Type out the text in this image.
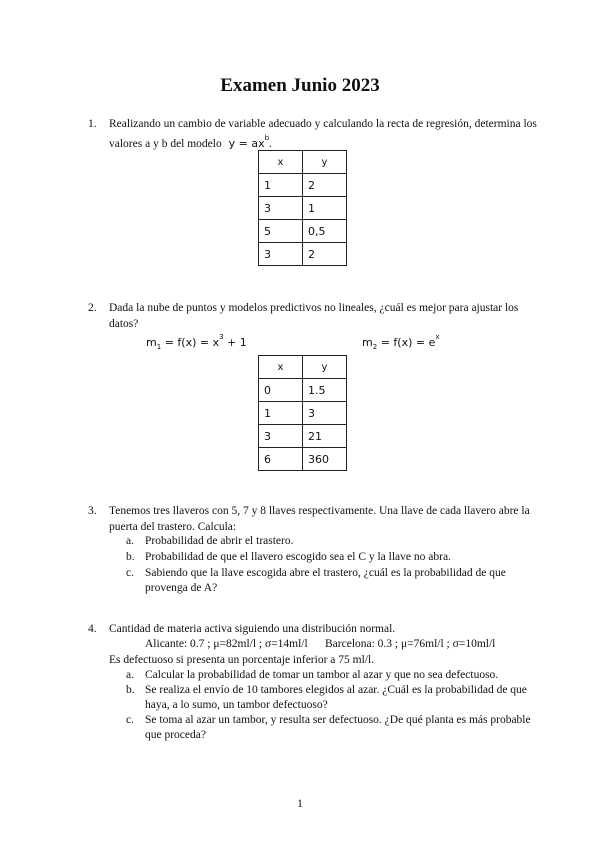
Examen Junio 2023
1. Realizando un cambio de variable adecuado y calculando la recta de regresión, determina los
valores a y b del modelo $y = ax^b$.
x	y
1	2
3	1
5	0,5
3	2
2. Dada la nube de puntos y modelos predictivos no lineales, ¿cuál es mejor para ajustar los
datos?
$m_1 = f(x) = x^3 + 1$	$m_2 = f(x) = e^x$
x	y
0	1.5
1	3
3	21
6	360
3. Tenemos tres llaveros con 5, 7 y 8 llaves respectivamente. Una llave de cada llavero abre la
puerta del trastero. Calcula:
a. Probabilidad de abrir el trastero.
b. Probabilidad de que el llavero escogido sea el C y la llave no abra.
c. Sabiendo que la llave escogida abre el trastero, ¿cuál es la probabilidad de que
provenga de A?
4. Cantidad de materia activa siguiendo una distribución normal.
Alicante: 0.7 ; μ=82ml/l ; σ=14ml/l Barcelona: 0.3 ; μ=76ml/l ; σ=10ml/l
Es defectuoso si presenta un porcentaje inferior a 75 ml/l.
a. Calcular la probabilidad de tomar un tambor al azar y que no sea defectuoso.
b. Se realiza el envío de 10 tambores elegidos al azar. ¿Cuál es la probabilidad de que
haya, a lo sumo, un tambor defectuoso?
c. Se toma al azar un tambor, y resulta ser defectuoso. ¿De qué planta es más probable
que proceda?
1
